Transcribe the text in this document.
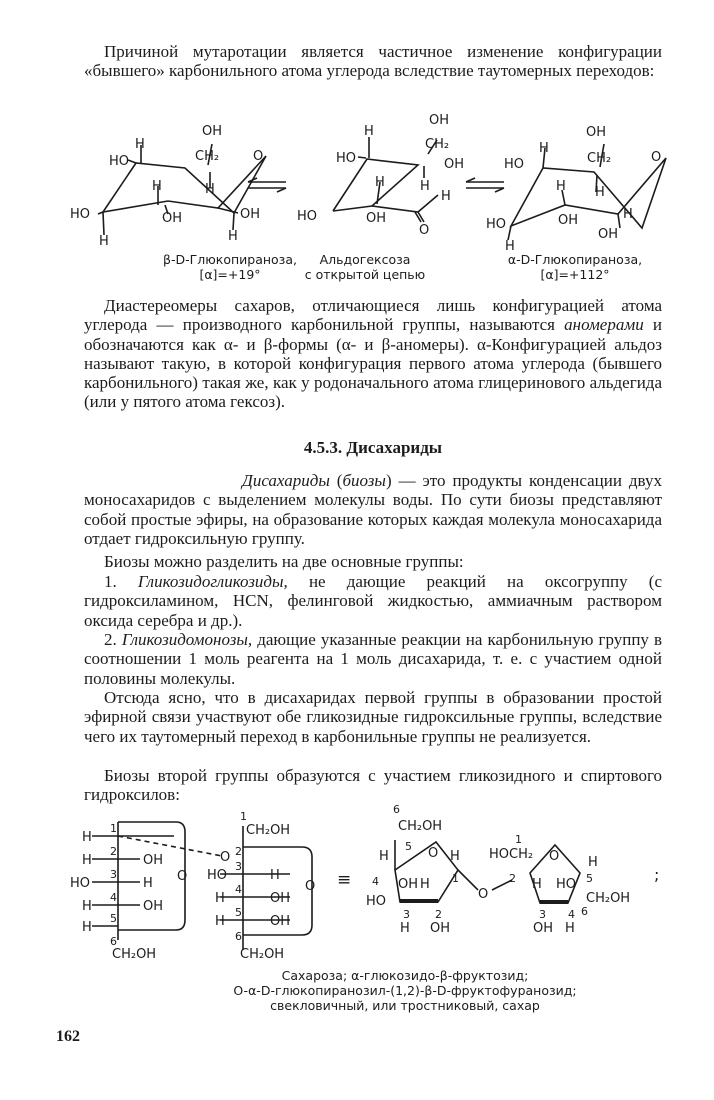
Причиной мутаротации является частичное изменение конфигурации «бывшего» карбонильного атома углерода вследствие таутомерных переходов:

OH
CH₂
H
HO	O
H	H
HO	OH	OH
H	H
OH
CH₂
H
HO	OH
H
H
H
HO	OH
O
OH
CH₂
H
HO	O
H H
HO	OH	H
H
OH
H
1
H
2
OH
HO
3
H
H
4
OH
H
5
6
CH₂OH
O
1
CH₂OH
O 2
HO
3
H
H
4
OH
H
5
OH
6
CH₂OH
O ≡
6
CH₂OH
5 O
4
H	H
1
OH H
HO
3 2
H OH
O
1
HOCH₂ O
2	5
H HO
H
CH₂OH
6
3 4
OH H
;
β-D-Глюкопираноза,
[α]=+19°
Альдогексоза
с открытой цепью
α-D-Глюкопираноза,
[α]=+112°

Диастереомеры сахаров, отличающиеся лишь конфигурацией атома углерода — производного карбонильной группы, называются аномерами и обозначаются как α- и β-формы (α- и β-аномеры). α-Конфигурацией альдоз называют такую, в которой конфигурация первого атома углерода (бывшего карбонильного) такая же, как у родоначального атома глицеринового альдегида (или у пятого атома гексоз).

4.5.3. Дисахариды

Дисахариды (биозы) — это продукты конденсации двух моносахаридов с выделением молекулы воды. По сути биозы представляют собой простые эфиры, на образование которых каждая молекула моносахарида отдает гидроксильную группу.

Биозы можно разделить на две основные группы:

1. Гликозидогликозиды, не дающие реакций на оксогруппу (с гидроксиламином, HCN, фелинговой жидкостью, аммиачным раствором оксида серебра и др.).

2. Гликозидомонозы, дающие указанные реакции на карбонильную группу в соотношении 1 моль реагента на 1 моль дисахарида, т. е. с участием одной половины молекулы.

Отсюда ясно, что в дисахаридах первой группы в образовании простой эфирной связи участвуют обе гликозидные гидроксильные группы, вследствие чего их таутомерный переход в карбонильные группы не реализуется.

Биозы второй группы образуются с участием гликозидного и спиртового гидроксилов:

Сахароза; α-глюкозидо-β-фруктозид;
O-α-D-глюкопиранозил-(1,2)-β-D-фруктофуранозид;
свекловичный, или тростниковый, сахар
162
